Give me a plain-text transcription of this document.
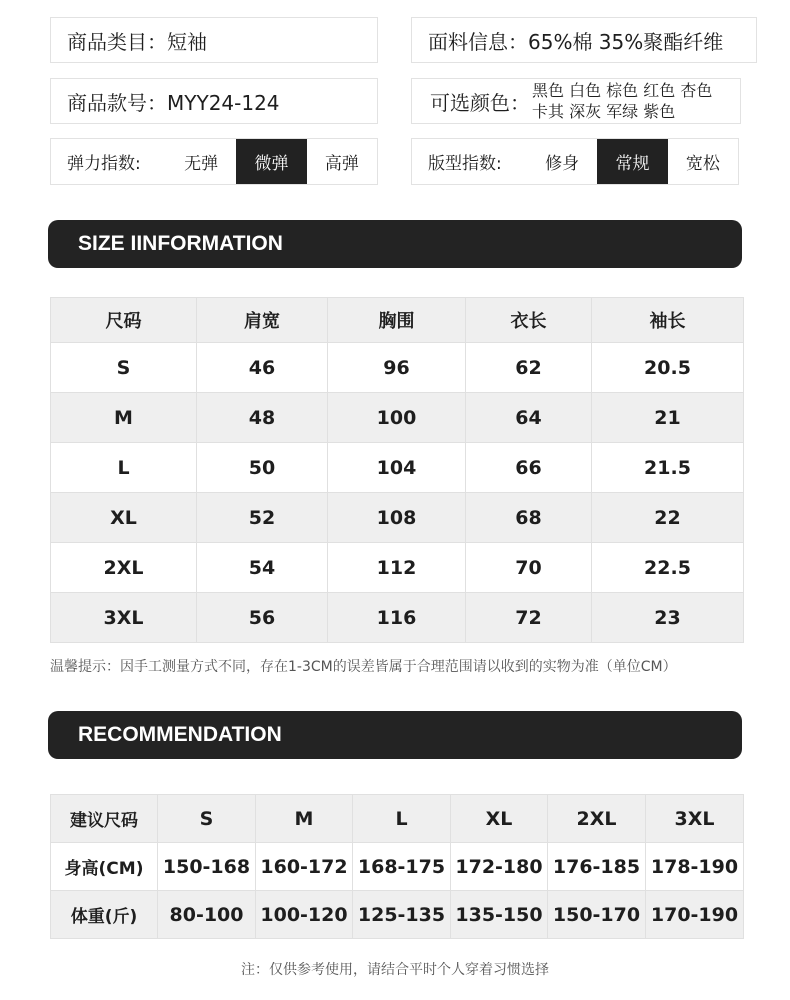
商品类目：短袖	面料信息：65%棉 35%聚酯纤维
商品款号：MYY24-124	可选颜色： 黑色 白色 棕色 红色 杏色
卡其 深灰 军绿 紫色
弹力指数:	无弹	微弹	高弹	版型指数:	修身	常规	宽松
SIZE IINFORMATION
尺码	肩宽	胸围	衣长	袖长
S	46	96	62	20.5
M	48	100	64	21
L	50	104	66	21.5
XL	52	108	68	22
2XL	54	112	70	22.5
3XL	56	116	72	23
温馨提示：因手工测量方式不同，存在1-3CM的误差皆属于合理范围请以收到的实物为准（单位CM）
RECOMMENDATION
建议尺码	S	M	L	XL	2XL	3XL
身高(CM)	150-168	160-172	168-175	172-180	176-185	178-190
体重(斤)	80-100	100-120	125-135	135-150	150-170	170-190
注：仅供参考使用，请结合平时个人穿着习惯选择
